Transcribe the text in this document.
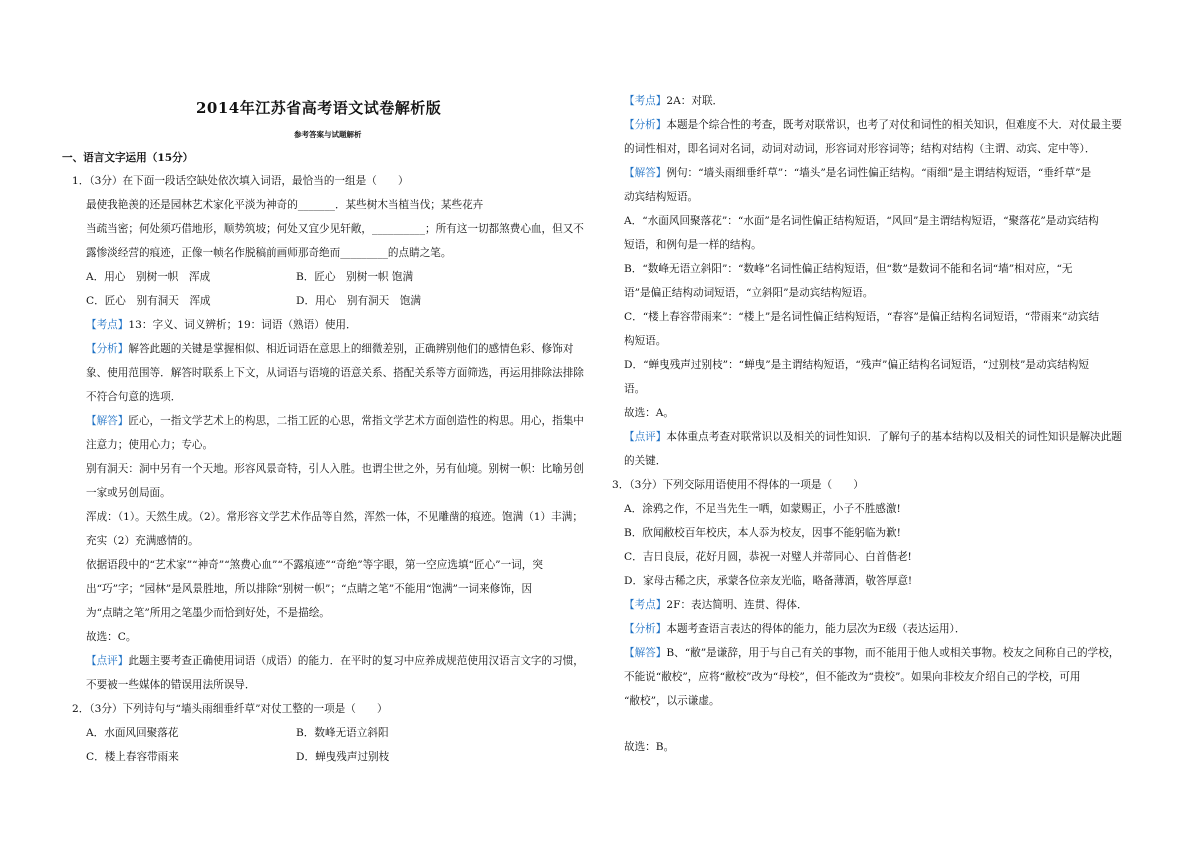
2014年江苏省高考语文试卷解析版
参考答案与试题解析
一、语言文字运用（15分）
1．（3分）在下面一段话空缺处依次填入词语，最恰当的一组是（　　）
最使我艳羡的还是园林艺术家化平淡为神奇的_______．某些树木当植当伐；某些花卉
当疏当密；何处须巧借地形，顺势筑坡；何处又宜少见轩敞，__________；所有这一切都煞费心血，但又不
露惨淡经营的痕迹，正像一帧名作脱稿前画师那奇绝而_________的点睛之笔。
A．用心　别树一帜　浑成	B．匠心　别树一帜 饱满
C．匠心　别有洞天　浑成	D．用心　别有洞天　饱满
【考点】13：字义、词义辨析；19：词语（熟语）使用．
【分析】解答此题的关键是掌握相似、相近词语在意思上的细微差别，正确辨别他们的感情色彩、修饰对
象、使用范围等．解答时联系上下文，从词语与语境的语意关系、搭配关系等方面筛选，再运用排除法排除
不符合句意的选项．
【解答】匠心，一指文学艺术上的构思，二指工匠的心思，常指文学艺术方面创造性的构思。用心，指集中
注意力；使用心力；专心。
别有洞天：洞中另有一个天地。形容风景奇特，引人入胜。也谓尘世之外，另有仙境。别树一帜：比喻另创
一家或另创局面。
浑成：（1）。天然生成。（2）。常形容文学艺术作品等自然，浑然一体，不见雕凿的痕迹。饱满（1）丰满；
充实（2）充满感情的。
依据语段中的“艺术家”“神奇”“煞费心血”“不露痕迹”“奇绝”等字眼，第一空应选填“匠心”一词，突
出“巧”字；“园林”是风景胜地，所以排除“别树一帜”；“点睛之笔”不能用“饱满”一词来修饰，因
为“点睛之笔”所用之笔墨少而恰到好处，不是描绘。
故选：C。
【点评】此题主要考查正确使用词语（成语）的能力．在平时的复习中应养成规范使用汉语言文字的习惯，
不要被一些媒体的错误用法所误导．
2．（3分）下列诗句与“墙头雨细垂纤草”对仗工整的一项是（　　）
A．水面风回聚落花	B．数峰无语立斜阳
C．楼上春容带雨来	D．蝉曳残声过别枝
【考点】2A：对联．
【分析】本题是个综合性的考查，既考对联常识，也考了对仗和词性的相关知识，但难度不大．对仗最主要
的词性相对，即名词对名词，动词对动词，形容词对形容词等；结构对结构（主谓、动宾、定中等）．
【解答】例句：“墙头雨细垂纤草”：“墙头”是名词性偏正结构。“雨细”是主谓结构短语，“垂纤草”是
动宾结构短语。
A．“水面风回聚落花”：“水面”是名词性偏正结构短语，“风回”是主谓结构短语，“聚落花”是动宾结构
短语，和例句是一样的结构。
B．“数峰无语立斜阳”：“数峰”名词性偏正结构短语，但“数”是数词不能和名词“墙”相对应，“无
语”是偏正结构动词短语，“立斜阳”是动宾结构短语。
C．“楼上春容带雨来”：“楼上”是名词性偏正结构短语，“春容”是偏正结构名词短语，“带雨来”动宾结
构短语。
D．“蝉曳残声过别枝”：“蝉曳”是主谓结构短语，“残声”偏正结构名词短语，“过别枝”是动宾结构短
语。
故选：A。
【点评】本体重点考查对联常识以及相关的词性知识．了解句子的基本结构以及相关的词性知识是解决此题
的关键．
3．（3分）下列交际用语使用不得体的一项是（　　）
A．涂鸦之作，不足当先生一哂，如蒙赐正，小子不胜感激!
B．欣闻敝校百年校庆，本人忝为校友，因事不能躬临为歉!
C．吉日良辰，花好月圆，恭祝一对璧人并蒂同心、白首偕老!
D．家母古稀之庆，承蒙各位亲友光临，略备薄酒，敬答厚意!
【考点】2F：表达简明、连贯、得体．
【分析】本题考查语言表达的得体的能力，能力层次为E级（表达运用）．
【解答】B、“敝”是谦辞，用于与自己有关的事物，而不能用于他人或相关事物。校友之间称自己的学校，
不能说“敝校”，应将“敝校”改为“母校”，但不能改为“贵校”。如果向非校友介绍自己的学校，可用
“敝校”，以示谦虚。
故选：B。
